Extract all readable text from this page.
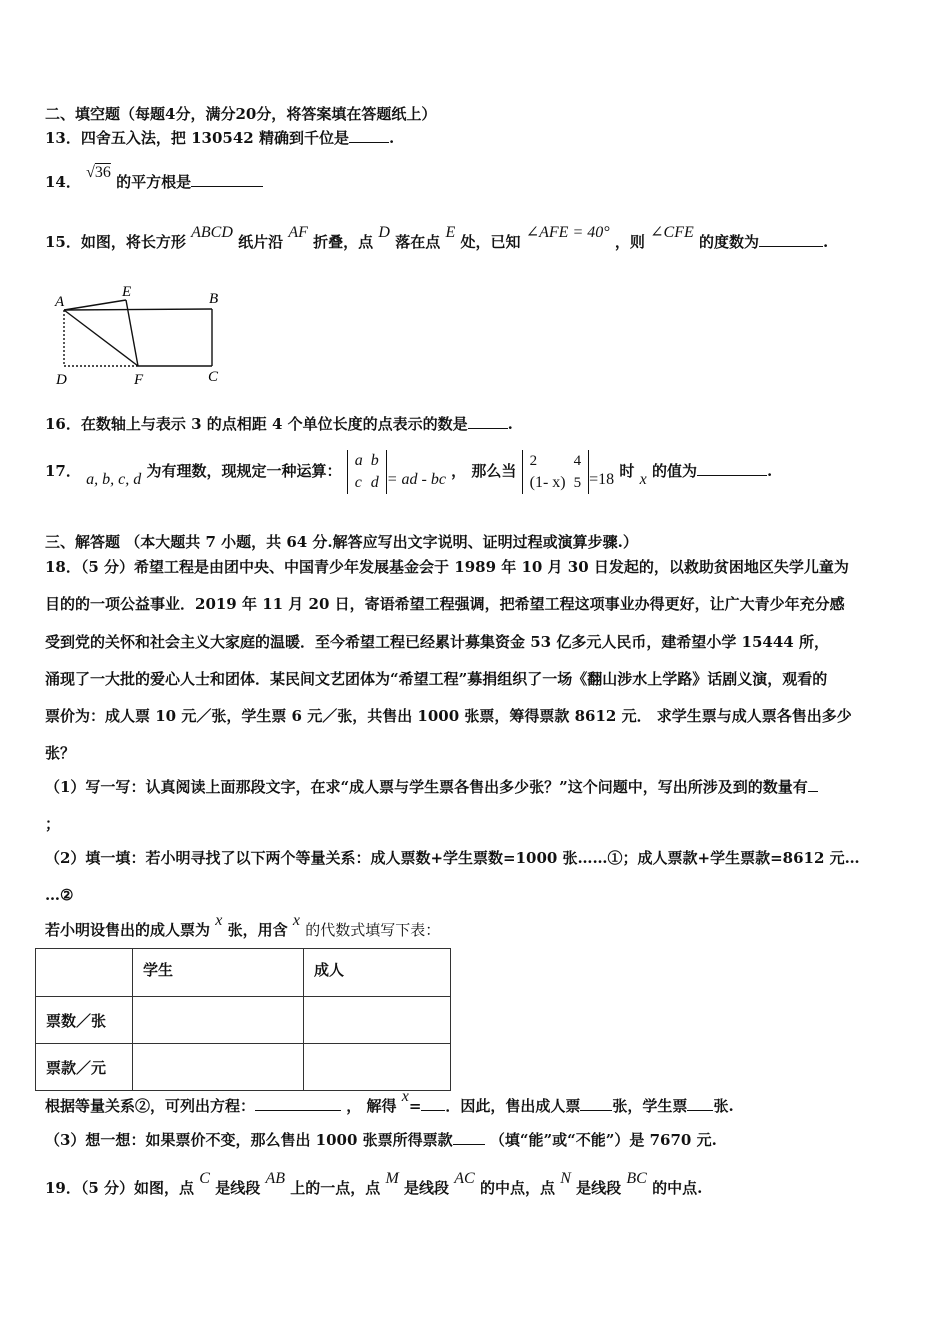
二、填空题（每题4分，满分20分，将答案填在答题纸上）
13．四舍五入法，把 130542 精确到千位是	.
14． √36 的平方根是
15．如图，将长方形 ABCD 纸片沿 AF 折叠，点 D 落在点 E 处，已知 ∠AFE = 40° ，则 ∠CFE 的度数为	.
A
E	B
D	F	C
16．在数轴上与表示 3 的点相距 4 个单位长度的点表示的数是	.
17． a, b, c, d 为有理数，现规定一种运算：
a	b
c	d = ad - bc ， 那么当
2	4
(1- x)	5 =18 时 x 的值为	.
三、解答题 （本大题共 7 小题，共 64 分.解答应写出文字说明、证明过程或演算步骤.）
18．（5 分）希望工程是由团中央、中国青少年发展基金会于 1989 年 10 月 30 日发起的，以救助贫困地区失学儿童为
目的的一项公益事业．2019 年 11 月 20 日，寄语希望工程强调，把希望工程这项事业办得更好，让广大青少年充分感
受到党的关怀和社会主义大家庭的温暖．至今希望工程已经累计募集资金 53 亿多元人民币，建希望小学 15444 所，
涌现了一大批的爱心人士和团体．某民间文艺团体为“希望工程”募捐组织了一场《翻山涉水上学路》话剧义演，观看的
票价为：成人票 10 元／张，学生票 6 元／张，共售出 1000 张票，筹得票款 8612 元． 求学生票与成人票各售出多少
张？
（1）写一写：认真阅读上面那段文字，在求“成人票与学生票各售出多少张？”这个问题中，写出所涉及到的数量有
；
（2）填一填：若小明寻找了以下两个等量关系：成人票数+学生票数=1000 张……①；成人票款+学生票款=8612 元…
…②
若小明设售出的成人票为 x 张，用含 x 的代数式填写下表：
	学生	成人
票数／张		
票款／元		
根据等量关系②，可列出方程：	， 解得 x= ．因此，售出成人票 张，学生票 张.
（3）想一想：如果票价不变，那么售出 1000 张票所得票款 （填“能”或“不能”）是 7670 元.
19．（5 分）如图，点 C 是线段 AB 上的一点，点 M 是线段 AC 的中点，点 N 是线段 BC 的中点.
